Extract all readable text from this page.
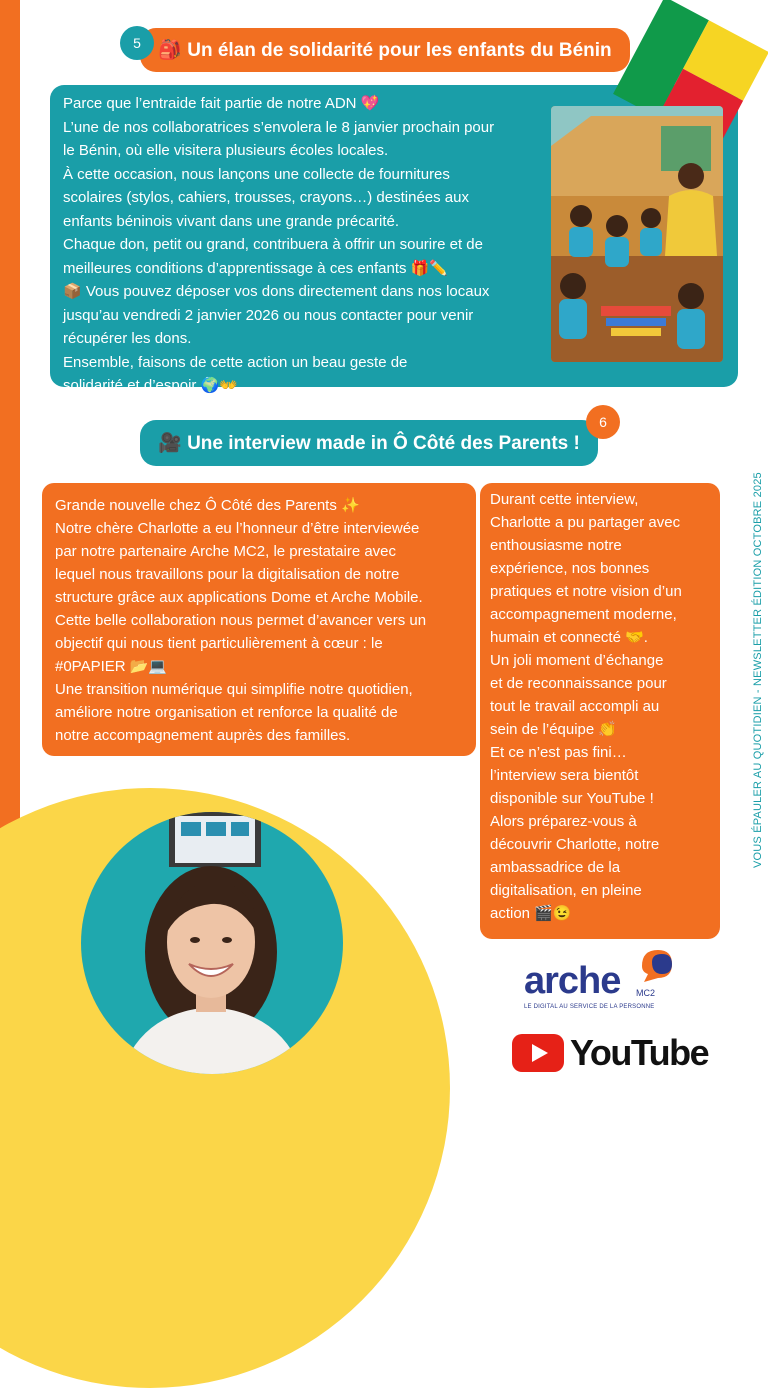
🎒 Un élan de solidarité pour les enfants du Bénin
5

Parce que l’entraide fait partie de notre ADN 💖

L’une de nos collaboratrices s’envolera le 8 janvier prochain pour

le Bénin, où elle visitera plusieurs écoles locales.

À cette occasion, nous lançons une collecte de fournitures

scolaires (stylos, cahiers, trousses, crayons…) destinées aux

enfants béninois vivant dans une grande précarité.

Chaque don, petit ou grand, contribuera à offrir un sourire et de

meilleures conditions d’apprentissage à ces enfants 🎁✏️

📦 Vous pouvez déposer vos dons directement dans nos locaux

jusqu’au vendredi 2 janvier 2026 ou nous contacter pour venir

récupérer les dons.

Ensemble, faisons de cette action un beau geste de

solidarité et d’espoir 🌍👐

🎥 Une interview made in Ô Côté des Parents !
6

Grande nouvelle chez Ô Côté des Parents ✨

Notre chère Charlotte a eu l’honneur d’être interviewée

par notre partenaire Arche MC2, le prestataire avec

lequel nous travaillons pour la digitalisation de notre

structure grâce aux applications Dome et Arche Mobile.

Cette belle collaboration nous permet d’avancer vers un

objectif qui nous tient particulièrement à cœur : le

#0PAPIER 📂💻

Une transition numérique qui simplifie notre quotidien,

améliore notre organisation et renforce la qualité de

notre accompagnement auprès des familles.

Durant cette interview,

Charlotte a pu partager avec

enthousiasme notre

expérience, nos bonnes

pratiques et notre vision d’un

accompagnement moderne,

humain et connecté 🤝.

Un joli moment d’échange

et de reconnaissance pour

tout le travail accompli au

sein de l’équipe 👏

Et ce n’est pas fini…

l’interview sera bientôt

disponible sur YouTube !

Alors préparez-vous à

découvrir Charlotte, notre

ambassadrice de la

digitalisation, en pleine

action 🎬😉

VOUS ÉPAULER AU QUOTIDIEN - NEWSLETTER ÉDITION OCTOBRE 2025
arche MC2
LE DIGITAL AU SERVICE DE LA PERSONNE
YouTube
